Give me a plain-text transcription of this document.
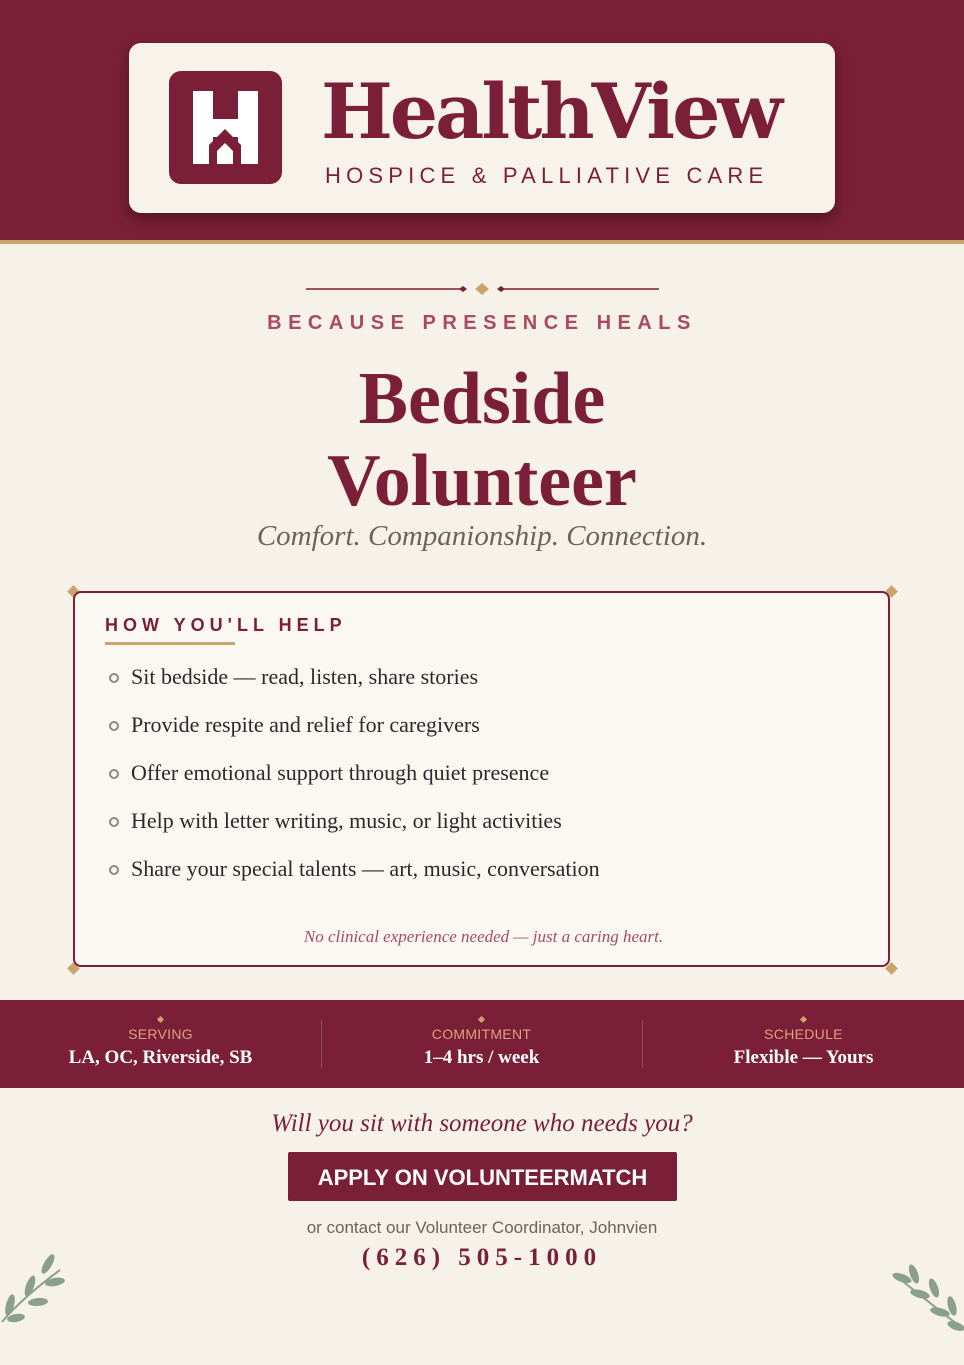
HealthView
HOSPICE & PALLIATIVE CARE
BECAUSE PRESENCE HEALS
Bedside
Volunteer
Comfort. Companionship. Connection.
HOW YOU'LL HELP
Sit bedside — read, listen, share stories
Provide respite and relief for caregivers
Offer emotional support through quiet presence
Help with letter writing, music, or light activities
Share your special talents — art, music, conversation
No clinical experience needed — just a caring heart.
SERVING
LA, OC, Riverside, SB
COMMITMENT
1–4 hrs / week
SCHEDULE
Flexible — Yours
Will you sit with someone who needs you?
APPLY ON VOLUNTEERMATCH
or contact our Volunteer Coordinator, Johnvien
(626) 505-1000
